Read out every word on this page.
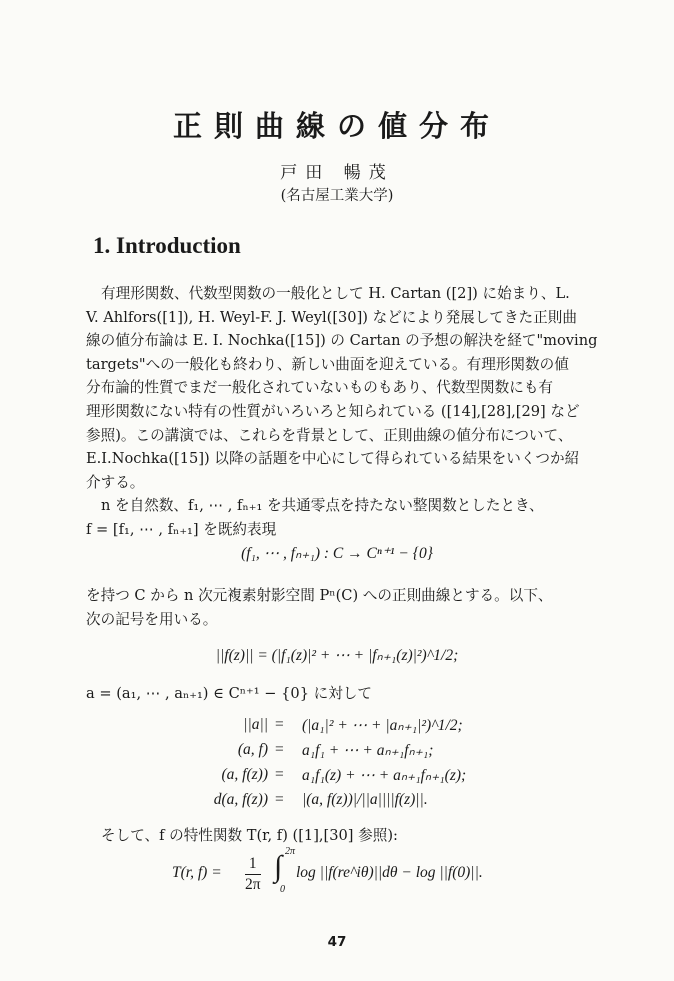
正則曲線の値分布
戸田 暢茂
(名古屋工業大学)
1. Introduction
有理形関数、代数型関数の一般化として H. Cartan ([2]) に始まり、L.
V. Ahlfors([1]), H. Weyl-F. J. Weyl([30]) などにより発展してきた正則曲
線の値分布論は E. I. Nochka([15]) の Cartan の予想の解決を経て"moving
targets"への一般化も終わり、新しい曲面を迎えている。有理形関数の値
分布論的性質でまだ一般化されていないものもあり、代数型関数にも有
理形関数にない特有の性質がいろいろと知られている ([14],[28],[29] など
参照)。この講演では、これらを背景として、正則曲線の値分布について、
E.I.Nochka([15]) 以降の話題を中心にして得られている結果をいくつか紹
介する。
n を自然数、f₁, ⋯ , fₙ₊₁ を共通零点を持たない整関数としたとき、
f = [f₁, ⋯ , fₙ₊₁] を既約表現
(f₁, ⋯ , fₙ₊₁) : C → Cⁿ⁺¹ − {0}
を持つ C から n 次元複素射影空間 Pⁿ(C) への正則曲線とする。以下、
次の記号を用いる。
||f(z)|| = (|f₁(z)|² + ⋯ + |fₙ₊₁(z)|²)^1/2;
a = (a₁, ⋯ , aₙ₊₁) ∈ Cⁿ⁺¹ − {0} に対して
||a|| = (|a₁|² + ⋯ + |aₙ₊₁|²)^1/2;
(a, f) = a₁f₁ + ⋯ + aₙ₊₁fₙ₊₁;
(a, f(z)) = a₁f₁(z) + ⋯ + aₙ₊₁fₙ₊₁(z);
d(a, f(z)) = |(a, f(z))|/||a||||f(z)||.
そして、f の特性関数 T(r, f) ([1],[30] 参照):
T(r, $f) = \frac{1}{2\pi}$ ∫ 2π
0
log ||f(re^iθ)||dθ − log ||f(0)||.
47
